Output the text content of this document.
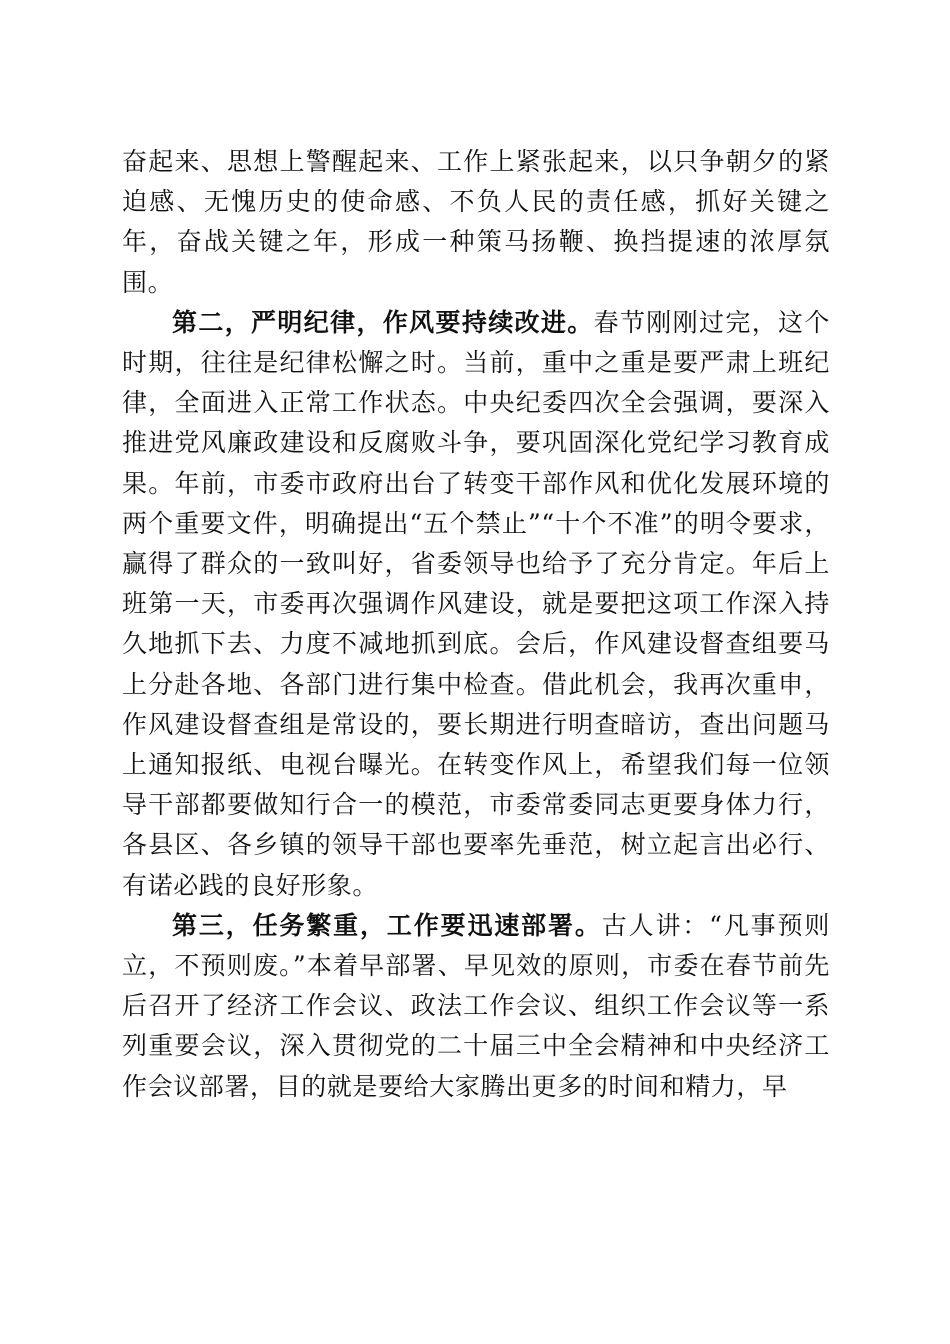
奋起来、思想上警醒起来、工作上紧张起来，以只争朝夕的紧迫感、无愧历史的使命感、不负人民的责任感，抓好关键之年，奋战关键之年，形成一种策马扬鞭、换挡提速的浓厚氛围。

第二，严明纪律，作风要持续改进。春节刚刚过完，这个时期，往往是纪律松懈之时。当前，重中之重是要严肃上班纪律，全面进入正常工作状态。中央纪委四次全会强调，要深入推进党风廉政建设和反腐败斗争，要巩固深化党纪学习教育成果。年前，市委市政府出台了转变干部作风和优化发展环境的两个重要文件，明确提出“五个禁止”“十个不准”的明令要求，赢得了群众的一致叫好，省委领导也给予了充分肯定。年后上班第一天，市委再次强调作风建设，就是要把这项工作深入持久地抓下去、力度不减地抓到底。会后，作风建设督查组要马上分赴各地、各部门进行集中检查。借此机会，我再次重申，作风建设督查组是常设的，要长期进行明查暗访，查出问题马上通知报纸、电视台曝光。在转变作风上，希望我们每一位领导干部都要做知行合一的模范，市委常委同志更要身体力行，各县区、各乡镇的领导干部也要率先垂范，树立起言出必行、有诺必践的良好形象。

第三，任务繁重，工作要迅速部署。古人讲：“凡事预则立，不预则废。”本着早部署、早见效的原则，市委在春节前先后召开了经济工作会议、政法工作会议、组织工作会议等一系列重要会议，深入贯彻党的二十届三中全会精神和中央经济工作会议部署，目的就是要给大家腾出更多的时间和精力，早
